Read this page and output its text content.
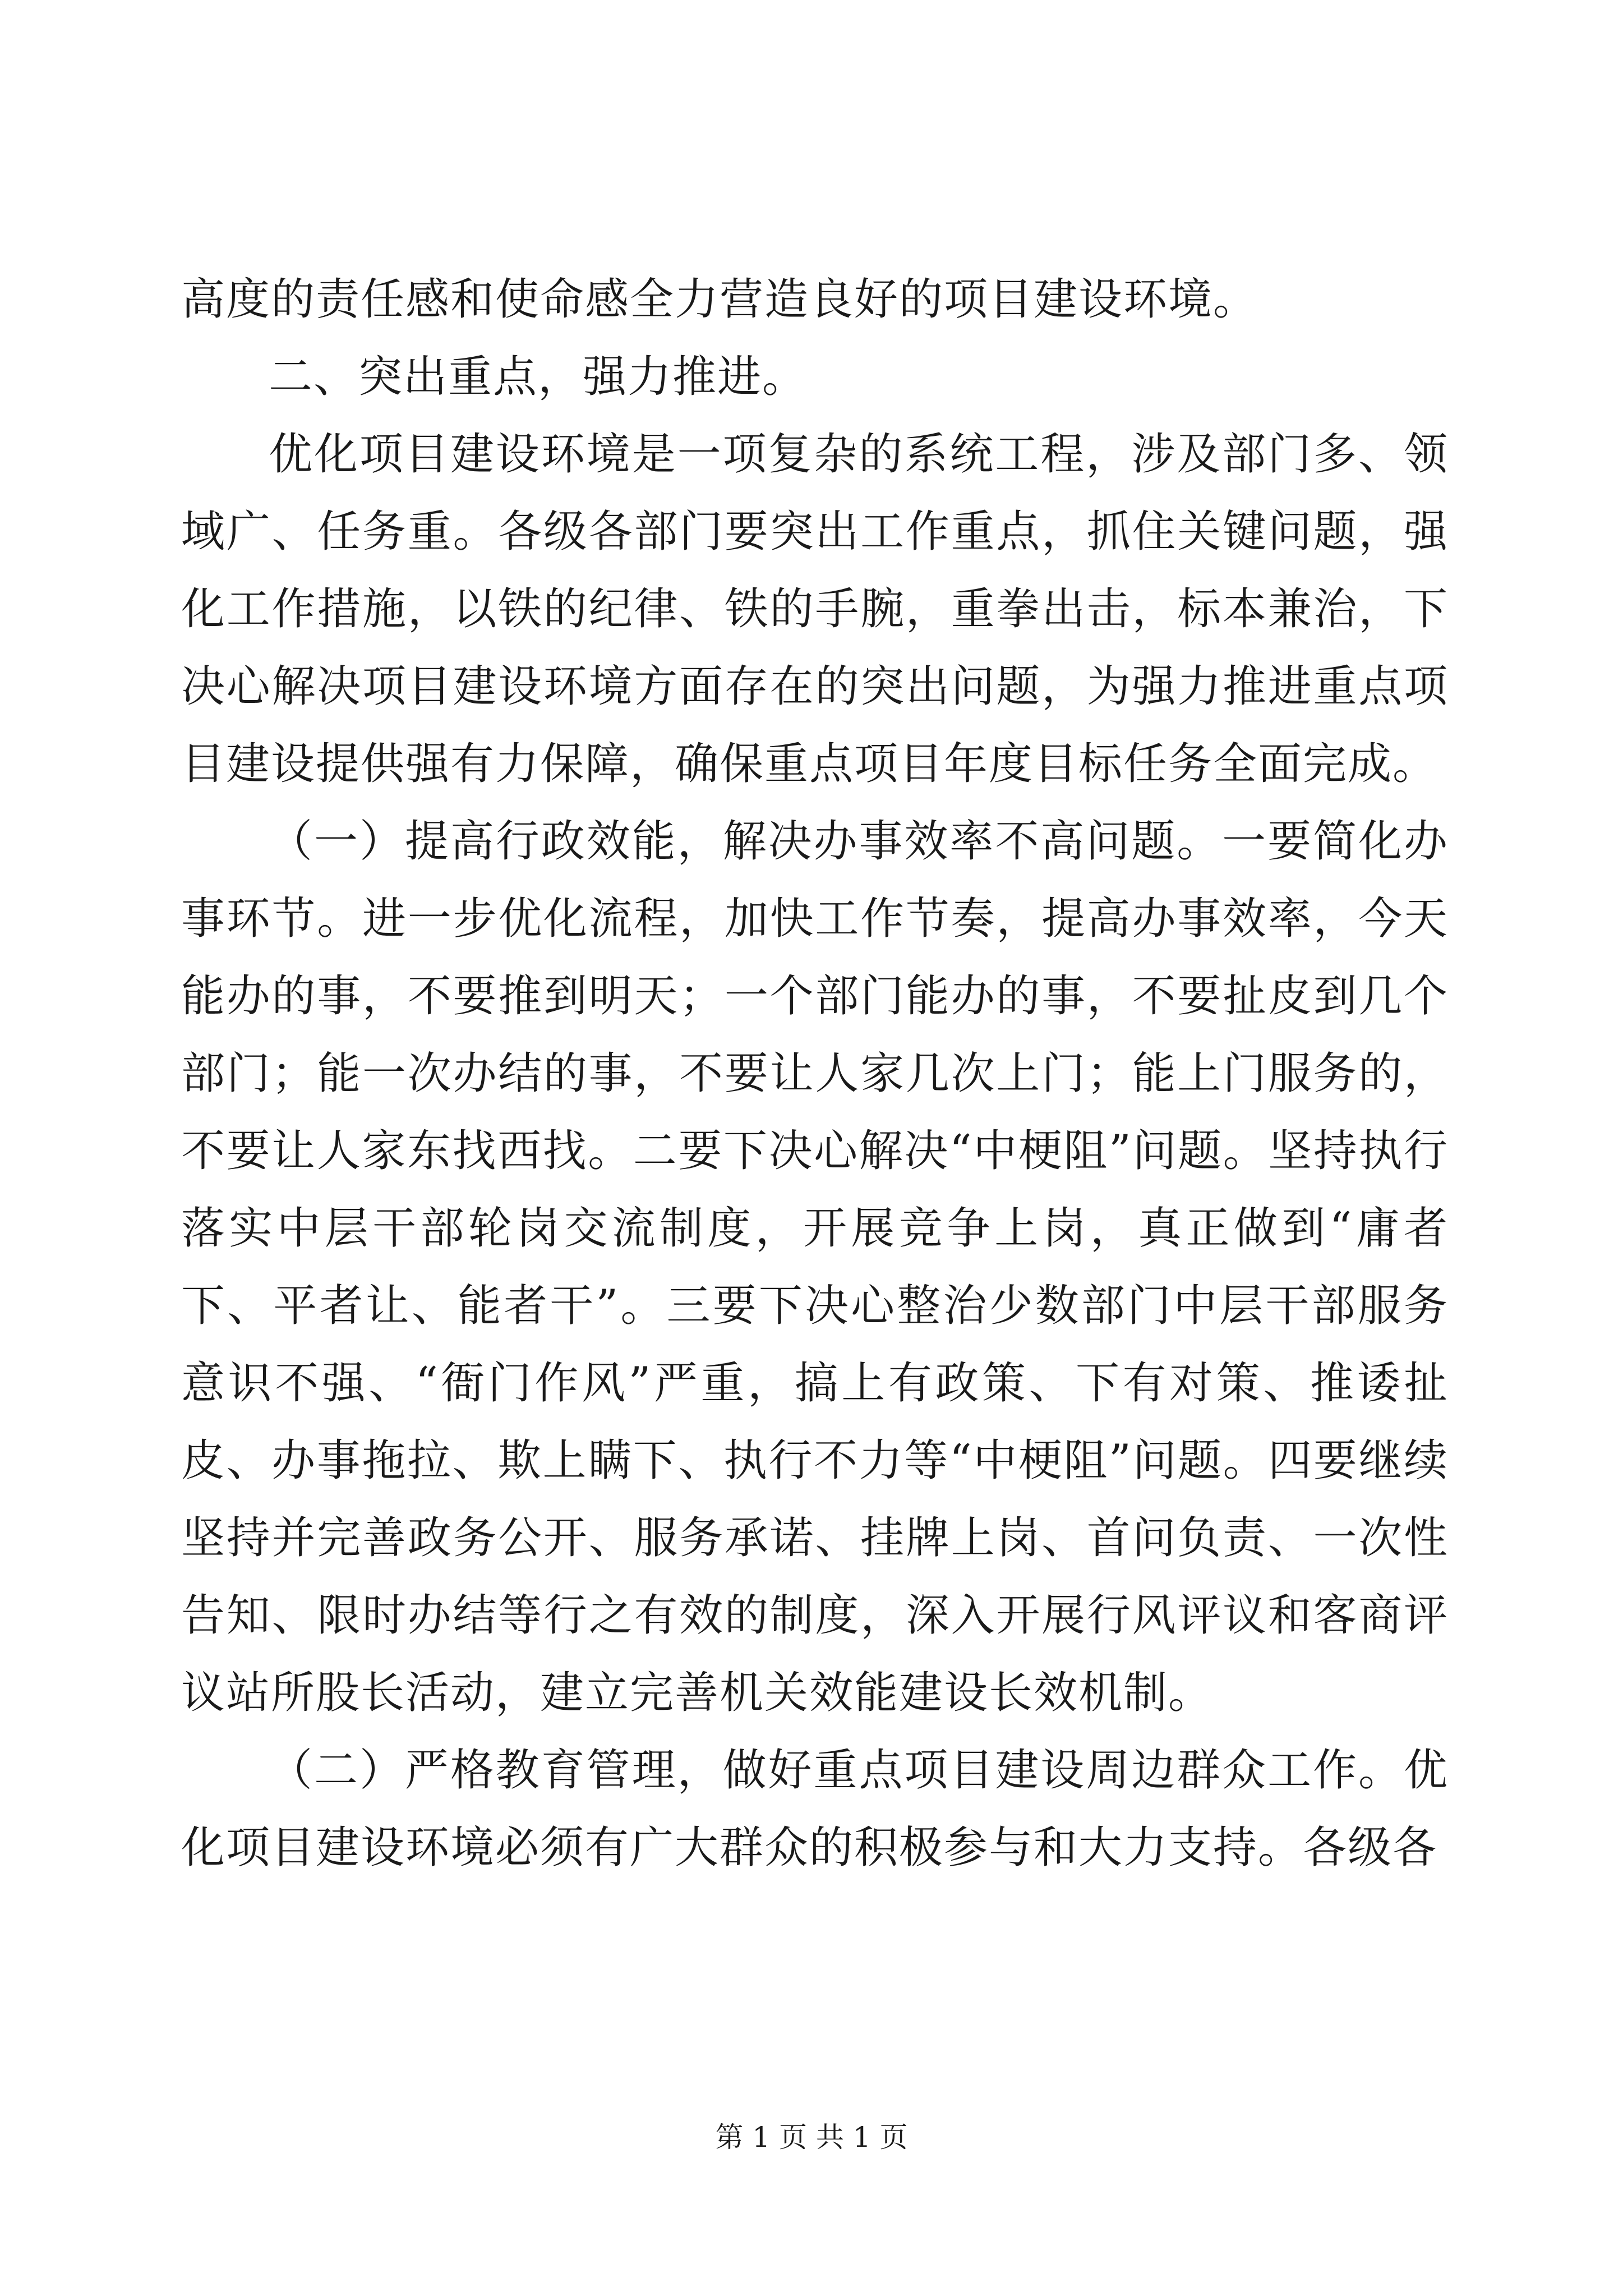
高度的责任感和使命感全力营造良好的项目建设环境。

二、突出重点，强力推进。

优化项目建设环境是一项复杂的系统工程，涉及部门多、领域广、任务重。各级各部门要突出工作重点，抓住关键问题，强化工作措施，以铁的纪律、铁的手腕，重拳出击，标本兼治，下决心解决项目建设环境方面存在的突出问题，为强力推进重点项目建设提供强有力保障，确保重点项目年度目标任务全面完成。

（一）提高行政效能，解决办事效率不高问题。一要简化办事环节。进一步优化流程，加快工作节奏，提高办事效率，今天能办的事，不要推到明天；一个部门能办的事，不要扯皮到几个部门；能一次办结的事，不要让人家几次上门；能上门服务的，不要让人家东找西找。二要下决心解决“中梗阻”问题。坚持执行落实中层干部轮岗交流制度，开展竞争上岗，真正做到“庸者下、平者让、能者干”。三要下决心整治少数部门中层干部服务意识不强、“衙门作风”严重，搞上有政策、下有对策、推诿扯皮、办事拖拉、欺上瞒下、执行不力等“中梗阻”问题。四要继续坚持并完善政务公开、服务承诺、挂牌上岗、首问负责、一次性告知、限时办结等行之有效的制度，深入开展行风评议和客商评议站所股长活动，建立完善机关效能建设长效机制。

（二）严格教育管理，做好重点项目建设周边群众工作。优化项目建设环境必须有广大群众的积极参与和大力支持。各级各

第 1 页 共 1 页
